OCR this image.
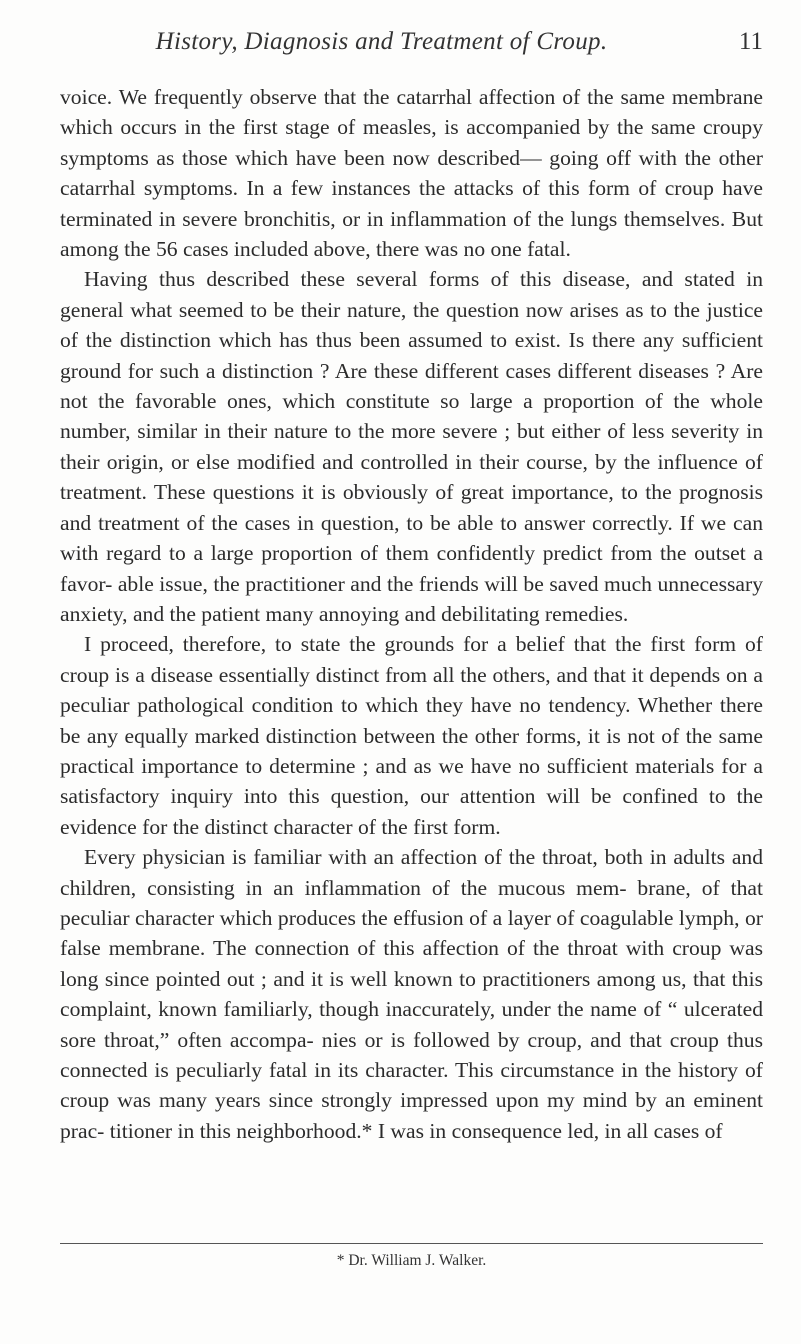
History, Diagnosis and Treatment of Croup.	11

voice. We frequently observe that the catarrhal affection of the same membrane which occurs in the first stage of measles, is accompanied by the same croupy symptoms as those which have been now described— going off with the other catarrhal symptoms. In a few instances the attacks of this form of croup have terminated in severe bronchitis, or in inflammation of the lungs themselves. But among the 56 cases included above, there was no one fatal.

Having thus described these several forms of this disease, and stated in general what seemed to be their nature, the question now arises as to the justice of the distinction which has thus been assumed to exist. Is there any sufficient ground for such a distinction ? Are these different cases different diseases ? Are not the favorable ones, which constitute so large a proportion of the whole number, similar in their nature to the more severe ; but either of less severity in their origin, or else modified and controlled in their course, by the influence of treatment. These questions it is obviously of great importance, to the prognosis and treatment of the cases in question, to be able to answer correctly. If we can with regard to a large proportion of them confidently predict from the outset a favor- able issue, the practitioner and the friends will be saved much unnecessary anxiety, and the patient many annoying and debilitating remedies.

I proceed, therefore, to state the grounds for a belief that the first form of croup is a disease essentially distinct from all the others, and that it depends on a peculiar pathological condition to which they have no tendency. Whether there be any equally marked distinction between the other forms, it is not of the same practical importance to determine ; and as we have no sufficient materials for a satisfactory inquiry into this question, our attention will be confined to the evidence for the distinct character of the first form.

Every physician is familiar with an affection of the throat, both in adults and children, consisting in an inflammation of the mucous mem- brane, of that peculiar character which produces the effusion of a layer of coagulable lymph, or false membrane. The connection of this affection of the throat with croup was long since pointed out ; and it is well known to practitioners among us, that this complaint, known familiarly, though inaccurately, under the name of “ ulcerated sore throat,” often accompa- nies or is followed by croup, and that croup thus connected is peculiarly fatal in its character. This circumstance in the history of croup was many years since strongly impressed upon my mind by an eminent prac- titioner in this neighborhood.* I was in consequence led, in all cases of

* Dr. William J. Walker.
